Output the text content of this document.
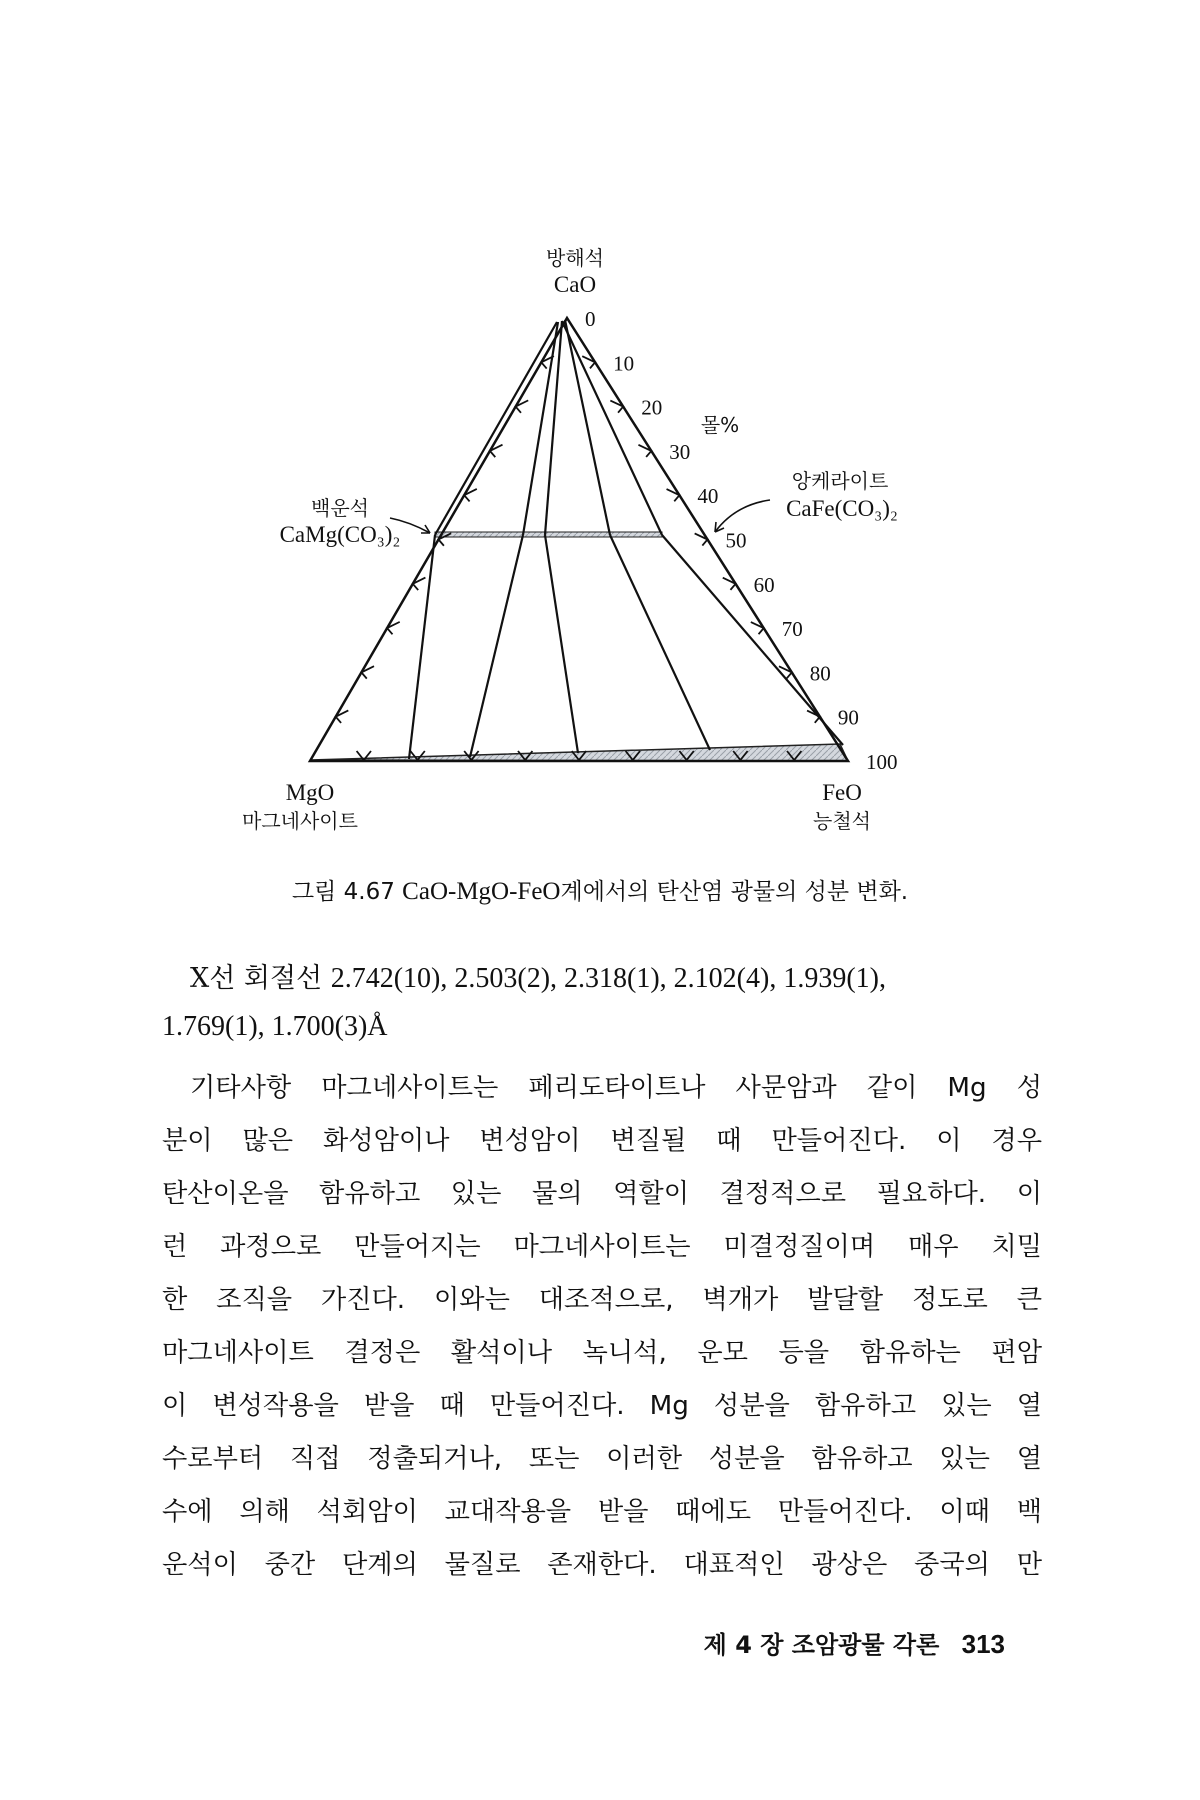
0
10
20
30
40
50
60
70
80
90
100
방해석
CaO
MgO
마그네사이트
FeO
능철석
백운석
CaMg(CO₃)₂
앙케라이트
CaFe(CO₃)₂
몰%
그림 4.67 CaO-MgO-FeO계에서의 탄산염 광물의 성분 변화.
X선 회절선 2.742(10), 2.503(2), 2.318(1), 2.102(4), 1.939(1),
1.769(1), 1.700(3)Å
기타사항 마그네사이트는 페리도타이트나 사문암과 같이 Mg 성
분이 많은 화성암이나 변성암이 변질될 때 만들어진다. 이 경우
탄산이온을 함유하고 있는 물의 역할이 결정적으로 필요하다. 이
런 과정으로 만들어지는 마그네사이트는 미결정질이며 매우 치밀
한 조직을 가진다. 이와는 대조적으로, 벽개가 발달할 정도로 큰
마그네사이트 결정은 활석이나 녹니석, 운모 등을 함유하는 편암
이 변성작용을 받을 때 만들어진다. Mg 성분을 함유하고 있는 열
수로부터 직접 정출되거나, 또는 이러한 성분을 함유하고 있는 열
수에 의해 석회암이 교대작용을 받을 때에도 만들어진다. 이때 백
운석이 중간 단계의 물질로 존재한다. 대표적인 광상은 중국의 만
제 4 장 조암광물 각론 313
